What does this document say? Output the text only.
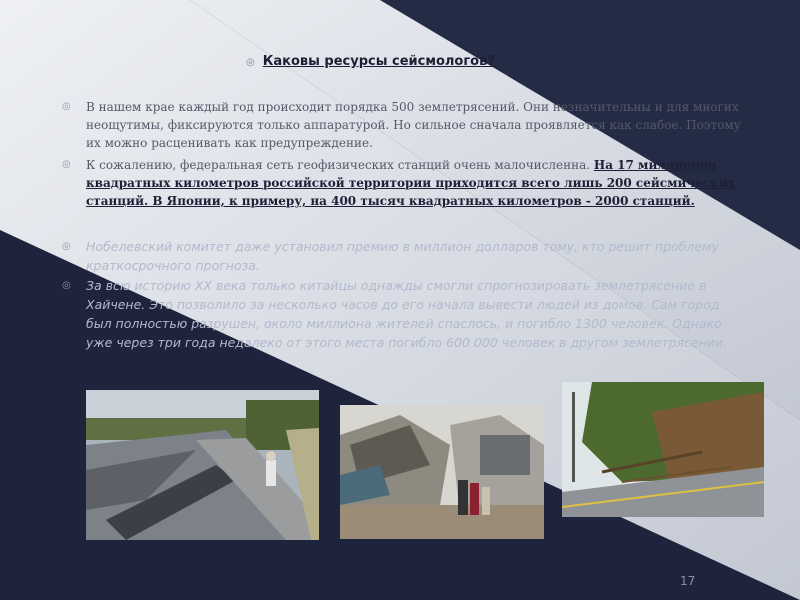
◎ Каковы ресурсы сейсмологов?
◎ В нашем крае каждый год происходит порядка 500 землетрясений. Они незначительны и для многих неощутимы, фиксируются только аппаратурой. Но сильное сначала проявляется как слабое. Поэтому их можно расценивать как предупреждение.
◎ К сожалению, федеральная сеть геофизических станций очень малочисленна. На 17 миллионов квадратных километров российской территории приходится всего лишь 200 сейсмических станций. В Японии, к примеру, на 400 тысяч квадратных километров - 2000 станций.
◎ Нобелевский комитет даже установил премию в миллион долларов тому, кто решит проблему краткосрочного прогноза.
◎ За всю историю XX века только китайцы однажды смогли спрогнозировать землетрясение в Хайчене. Это позволило за несколько часов до его начала вывести людей из домов. Сам город был полностью разрушен, около миллиона жителей спаслось, и погибло 1300 человек. Однако уже через три года недалеко от этого места погибло 600 000 человек в другом землетрясении.
17
